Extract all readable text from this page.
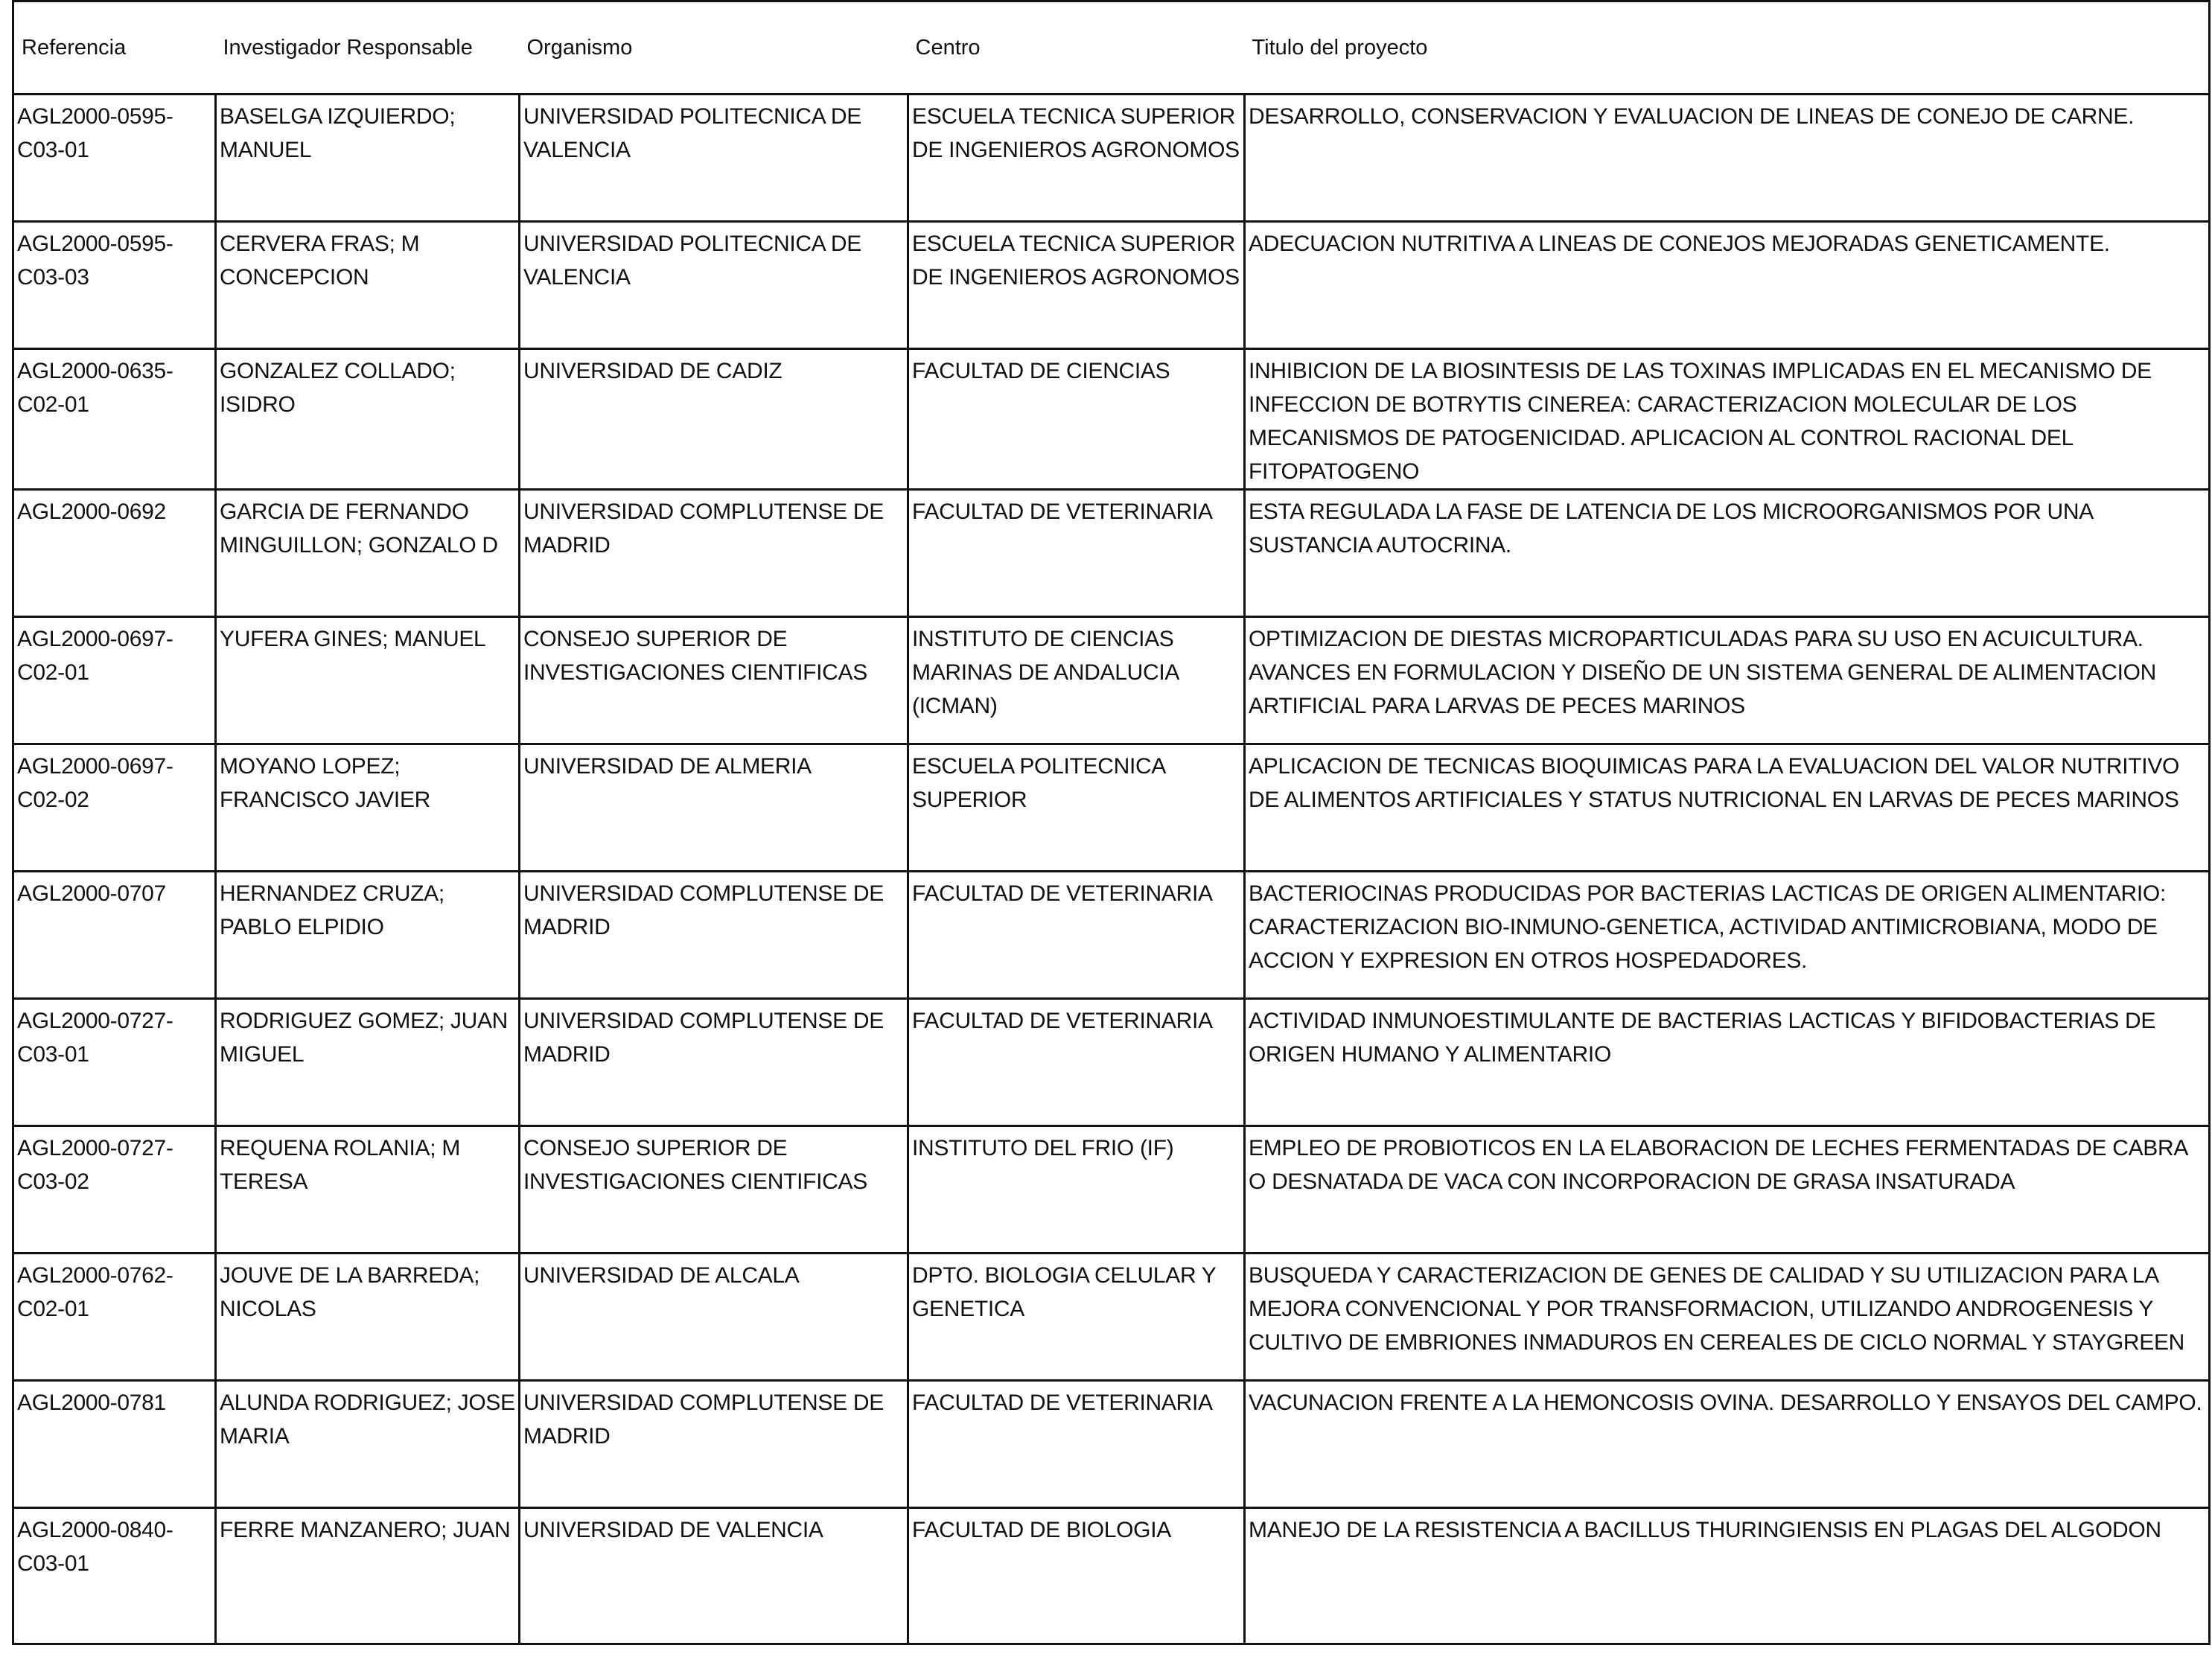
Referencia	Investigador Responsable	Organismo	Centro	Titulo del proyecto
AGL2000-0595-C03-01	BASELGA IZQUIERDO; MANUEL	UNIVERSIDAD POLITECNICA DE VALENCIA	ESCUELA TECNICA SUPERIOR DE INGENIEROS AGRONOMOS	DESARROLLO, CONSERVACION Y EVALUACION DE LINEAS DE CONEJO DE CARNE.
AGL2000-0595-C03-03	CERVERA FRAS; M CONCEPCION	UNIVERSIDAD POLITECNICA DE VALENCIA	ESCUELA TECNICA SUPERIOR DE INGENIEROS AGRONOMOS	ADECUACION NUTRITIVA A LINEAS DE CONEJOS MEJORADAS GENETICAMENTE.
AGL2000-0635-C02-01	GONZALEZ COLLADO; ISIDRO	UNIVERSIDAD DE CADIZ	FACULTAD DE CIENCIAS	INHIBICION DE LA BIOSINTESIS DE LAS TOXINAS IMPLICADAS EN EL MECANISMO DE INFECCION DE BOTRYTIS CINEREA: CARACTERIZACION MOLECULAR DE LOS MECANISMOS DE PATOGENICIDAD. APLICACION AL CONTROL RACIONAL DEL FITOPATOGENO
AGL2000-0692	GARCIA DE FERNANDO MINGUILLON; GONZALO D	UNIVERSIDAD COMPLUTENSE DE MADRID	FACULTAD DE VETERINARIA	ESTA REGULADA LA FASE DE LATENCIA DE LOS MICROORGANISMOS POR UNA SUSTANCIA AUTOCRINA.
AGL2000-0697-C02-01	YUFERA GINES; MANUEL	CONSEJO SUPERIOR DE INVESTIGACIONES CIENTIFICAS	INSTITUTO DE CIENCIAS MARINAS DE ANDALUCIA (ICMAN)	OPTIMIZACION DE DIESTAS MICROPARTICULADAS PARA SU USO EN ACUICULTURA. AVANCES EN FORMULACION Y DISEÑO DE UN SISTEMA GENERAL DE ALIMENTACION ARTIFICIAL PARA LARVAS DE PECES MARINOS
AGL2000-0697-C02-02	MOYANO LOPEZ; FRANCISCO JAVIER	UNIVERSIDAD DE ALMERIA	ESCUELA POLITECNICA SUPERIOR	APLICACION DE TECNICAS BIOQUIMICAS PARA LA EVALUACION DEL VALOR NUTRITIVO DE ALIMENTOS ARTIFICIALES Y STATUS NUTRICIONAL EN LARVAS DE PECES MARINOS
AGL2000-0707	HERNANDEZ CRUZA; PABLO ELPIDIO	UNIVERSIDAD COMPLUTENSE DE MADRID	FACULTAD DE VETERINARIA	BACTERIOCINAS PRODUCIDAS POR BACTERIAS LACTICAS DE ORIGEN ALIMENTARIO: CARACTERIZACION BIO-INMUNO-GENETICA, ACTIVIDAD ANTIMICROBIANA, MODO DE ACCION Y EXPRESION EN OTROS HOSPEDADORES.
AGL2000-0727-C03-01	RODRIGUEZ GOMEZ; JUAN MIGUEL	UNIVERSIDAD COMPLUTENSE DE MADRID	FACULTAD DE VETERINARIA	ACTIVIDAD INMUNOESTIMULANTE DE BACTERIAS LACTICAS Y BIFIDOBACTERIAS DE ORIGEN HUMANO Y ALIMENTARIO
AGL2000-0727-C03-02	REQUENA ROLANIA; M TERESA	CONSEJO SUPERIOR DE INVESTIGACIONES CIENTIFICAS	INSTITUTO DEL FRIO (IF)	EMPLEO DE PROBIOTICOS EN LA ELABORACION DE LECHES FERMENTADAS DE CABRA O DESNATADA DE VACA CON INCORPORACION DE GRASA INSATURADA
AGL2000-0762-C02-01	JOUVE DE LA BARREDA; NICOLAS	UNIVERSIDAD DE ALCALA	DPTO. BIOLOGIA CELULAR Y GENETICA	BUSQUEDA Y CARACTERIZACION DE GENES DE CALIDAD Y SU UTILIZACION PARA LA MEJORA CONVENCIONAL Y POR TRANSFORMACION, UTILIZANDO ANDROGENESIS Y CULTIVO DE EMBRIONES INMADUROS EN CEREALES DE CICLO NORMAL Y STAYGREEN
AGL2000-0781	ALUNDA RODRIGUEZ; JOSE MARIA	UNIVERSIDAD COMPLUTENSE DE MADRID	FACULTAD DE VETERINARIA	VACUNACION FRENTE A LA HEMONCOSIS OVINA. DESARROLLO Y ENSAYOS DEL CAMPO.
AGL2000-0840-C03-01	FERRE MANZANERO; JUAN	UNIVERSIDAD DE VALENCIA	FACULTAD DE BIOLOGIA	MANEJO DE LA RESISTENCIA A BACILLUS THURINGIENSIS EN PLAGAS DEL ALGODON
